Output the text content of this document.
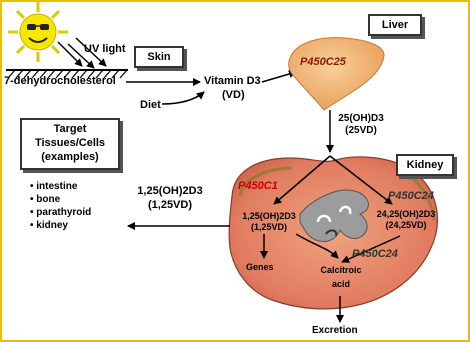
UV light
Skin
7-dehydrocholesterol	Vitamin D3
(VD)
Diet
Liver
P450C25
25(OH)D3
(25VD)
Kidney
P450C1
P450C24
1,25(OH)2D3
(1,25VD)
24,25(OH)2D3
(24,25VD)
P450C24
Genes	Calcitroic
acid
Excretion
1,25(OH)2D3
(1,25VD)
Target Tissues/Cells (examples)
• intestine
• bone
• parathyroid
• kidney
